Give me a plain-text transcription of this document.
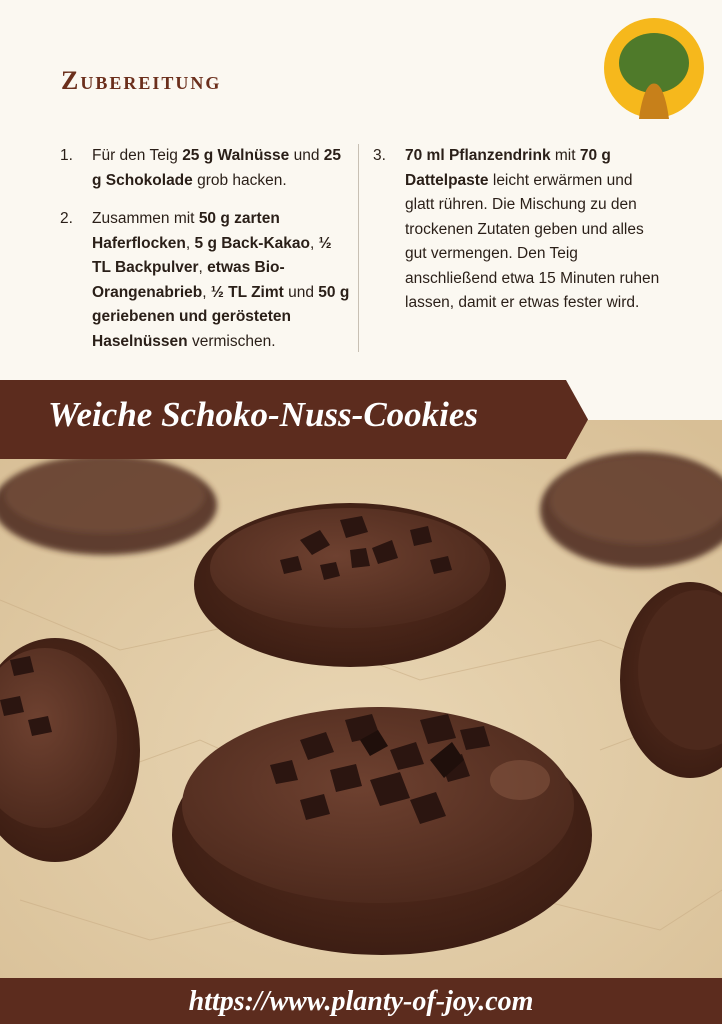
Zubereitung
1. Für den Teig 25 g Walnüsse und 25 g Schokolade grob hacken.
2. Zusammen mit 50 g zarten Haferflocken, 5 g Back-Kakao, ½ TL Backpulver, etwas Bio-Orangenabrieb, ½ TL Zimt und 50 g geriebenen und gerösteten Haselnüssen vermischen.
3. 70 ml Pflanzendrink mit 70 g Dattelpaste leicht erwärmen und glatt rühren. Die Mischung zu den trockenen Zutaten geben und alles gut vermengen. Den Teig anschließend etwa 15 Minuten ruhen lassen, damit er etwas fester wird.
Weiche Schoko-Nuss-Cookies
https://www.planty-of-joy.com
